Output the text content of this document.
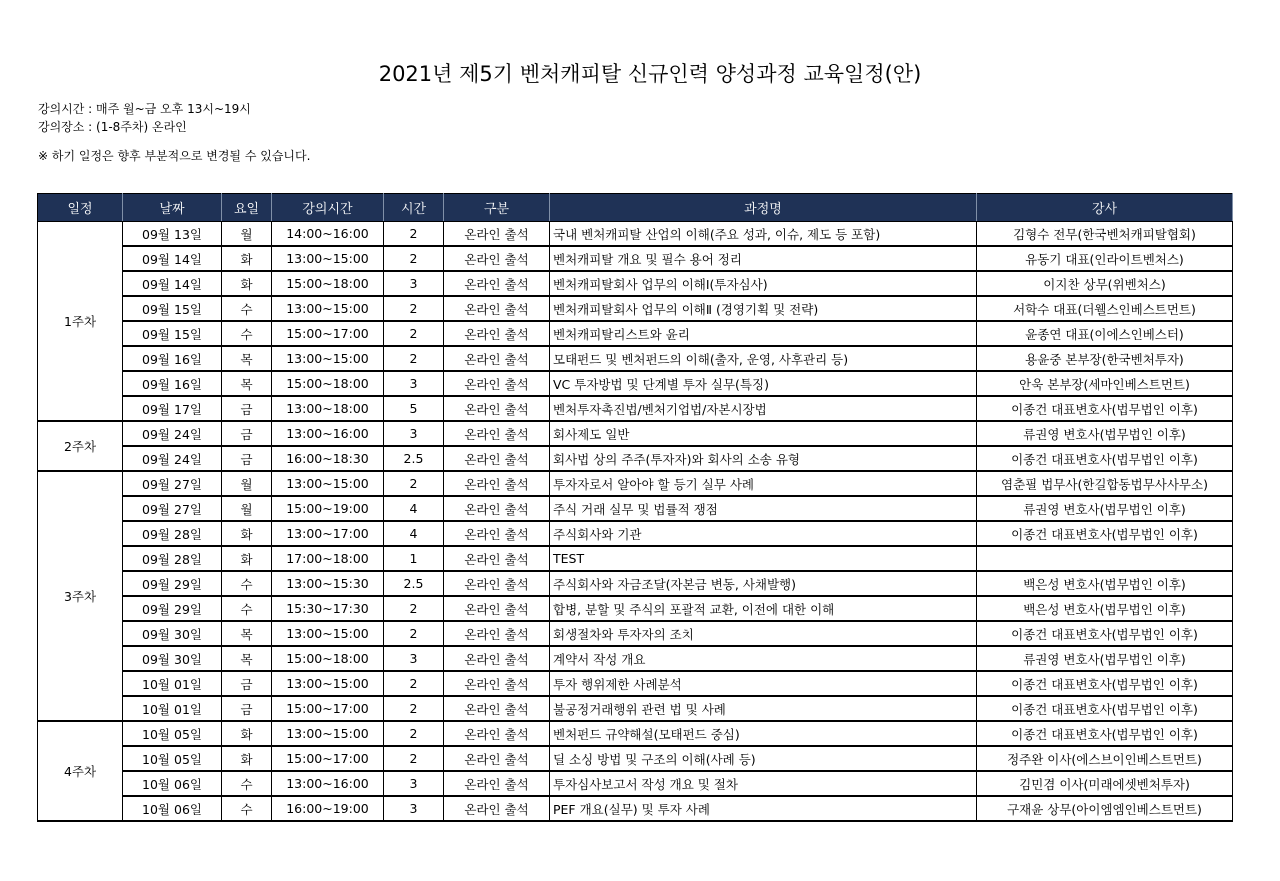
2021년 제5기 벤처캐피탈 신규인력 양성과정 교육일정(안)
강의시간 : 매주 월~금 오후 13시~19시
강의장소 : (1-8주차) 온라인
※ 하기 일정은 향후 부분적으로 변경될 수 있습니다.
일정	날짜	요일	강의시간	시간	구분	과정명	강사
1주차	09월 13일	월	14:00~16:00	2	온라인 출석	국내 벤처캐피탈 산업의 이해(주요 성과, 이슈, 제도 등 포함)	김형수 전무(한국벤처캐피탈협회)
	09월 14일	화	13:00~15:00	2	온라인 출석	벤처캐피탈 개요 및 필수 용어 정리	유동기 대표(인라이트벤처스)
	09월 14일	화	15:00~18:00	3	온라인 출석	벤처캐피탈회사 업무의 이해Ⅰ(투자심사)	이지찬 상무(위벤처스)
	09월 15일	수	13:00~15:00	2	온라인 출석	벤처캐피탈회사 업무의 이해Ⅱ (경영기획 및 전략)	서학수 대표(더웰스인베스트먼트)
	09월 15일	수	15:00~17:00	2	온라인 출석	벤처캐피탈리스트와 윤리	윤종연 대표(이에스인베스터)
	09월 16일	목	13:00~15:00	2	온라인 출석	모태펀드 및 벤처펀드의 이해(출자, 운영, 사후관리 등)	용윤중 본부장(한국벤처투자)
	09월 16일	목	15:00~18:00	3	온라인 출석	VC 투자방법 및 단계별 투자 실무(특징)	안욱 본부장(세마인베스트먼트)
	09월 17일	금	13:00~18:00	5	온라인 출석	벤처투자촉진법/벤처기업법/자본시장법	이종건 대표변호사(법무법인 이후)
2주차	09월 24일	금	13:00~16:00	3	온라인 출석	회사제도 일반	류권영 변호사(법무법인 이후)
	09월 24일	금	16:00~18:30	2.5	온라인 출석	회사법 상의 주주(투자자)와 회사의 소송 유형	이종건 대표변호사(법무법인 이후)
3주차	09월 27일	월	13:00~15:00	2	온라인 출석	투자자로서 알아야 할 등기 실무 사례	염춘필 법무사(한길합동법무사사무소)
	09월 27일	월	15:00~19:00	4	온라인 출석	주식 거래 실무 및 법률적 쟁점	류권영 변호사(법무법인 이후)
	09월 28일	화	13:00~17:00	4	온라인 출석	주식회사와 기관	이종건 대표변호사(법무법인 이후)
	09월 28일	화	17:00~18:00	1	온라인 출석	TEST	
	09월 29일	수	13:00~15:30	2.5	온라인 출석	주식회사와 자금조달(자본금 변동, 사채발행)	백은성 변호사(법무법인 이후)
	09월 29일	수	15:30~17:30	2	온라인 출석	합병, 분할 및 주식의 포괄적 교환, 이전에 대한 이해	백은성 변호사(법무법인 이후)
	09월 30일	목	13:00~15:00	2	온라인 출석	회생절차와 투자자의 조치	이종건 대표변호사(법무법인 이후)
	09월 30일	목	15:00~18:00	3	온라인 출석	계약서 작성 개요	류권영 변호사(법무법인 이후)
	10월 01일	금	13:00~15:00	2	온라인 출석	투자 행위제한 사례분석	이종건 대표변호사(법무법인 이후)
	10월 01일	금	15:00~17:00	2	온라인 출석	불공정거래행위 관련 법 및 사례	이종건 대표변호사(법무법인 이후)
4주차	10월 05일	화	13:00~15:00	2	온라인 출석	벤처펀드 규약해설(모태펀드 중심)	이종건 대표변호사(법무법인 이후)
	10월 05일	화	15:00~17:00	2	온라인 출석	딜 소싱 방법 및 구조의 이해(사례 등)	정주완 이사(에스브이인베스트먼트)
	10월 06일	수	13:00~16:00	3	온라인 출석	투자심사보고서 작성 개요 및 절차	김민겸 이사(미래에셋벤처투자)
	10월 06일	수	16:00~19:00	3	온라인 출석	PEF 개요(실무) 및 투자 사례	구재윤 상무(아이엠엠인베스트먼트)
